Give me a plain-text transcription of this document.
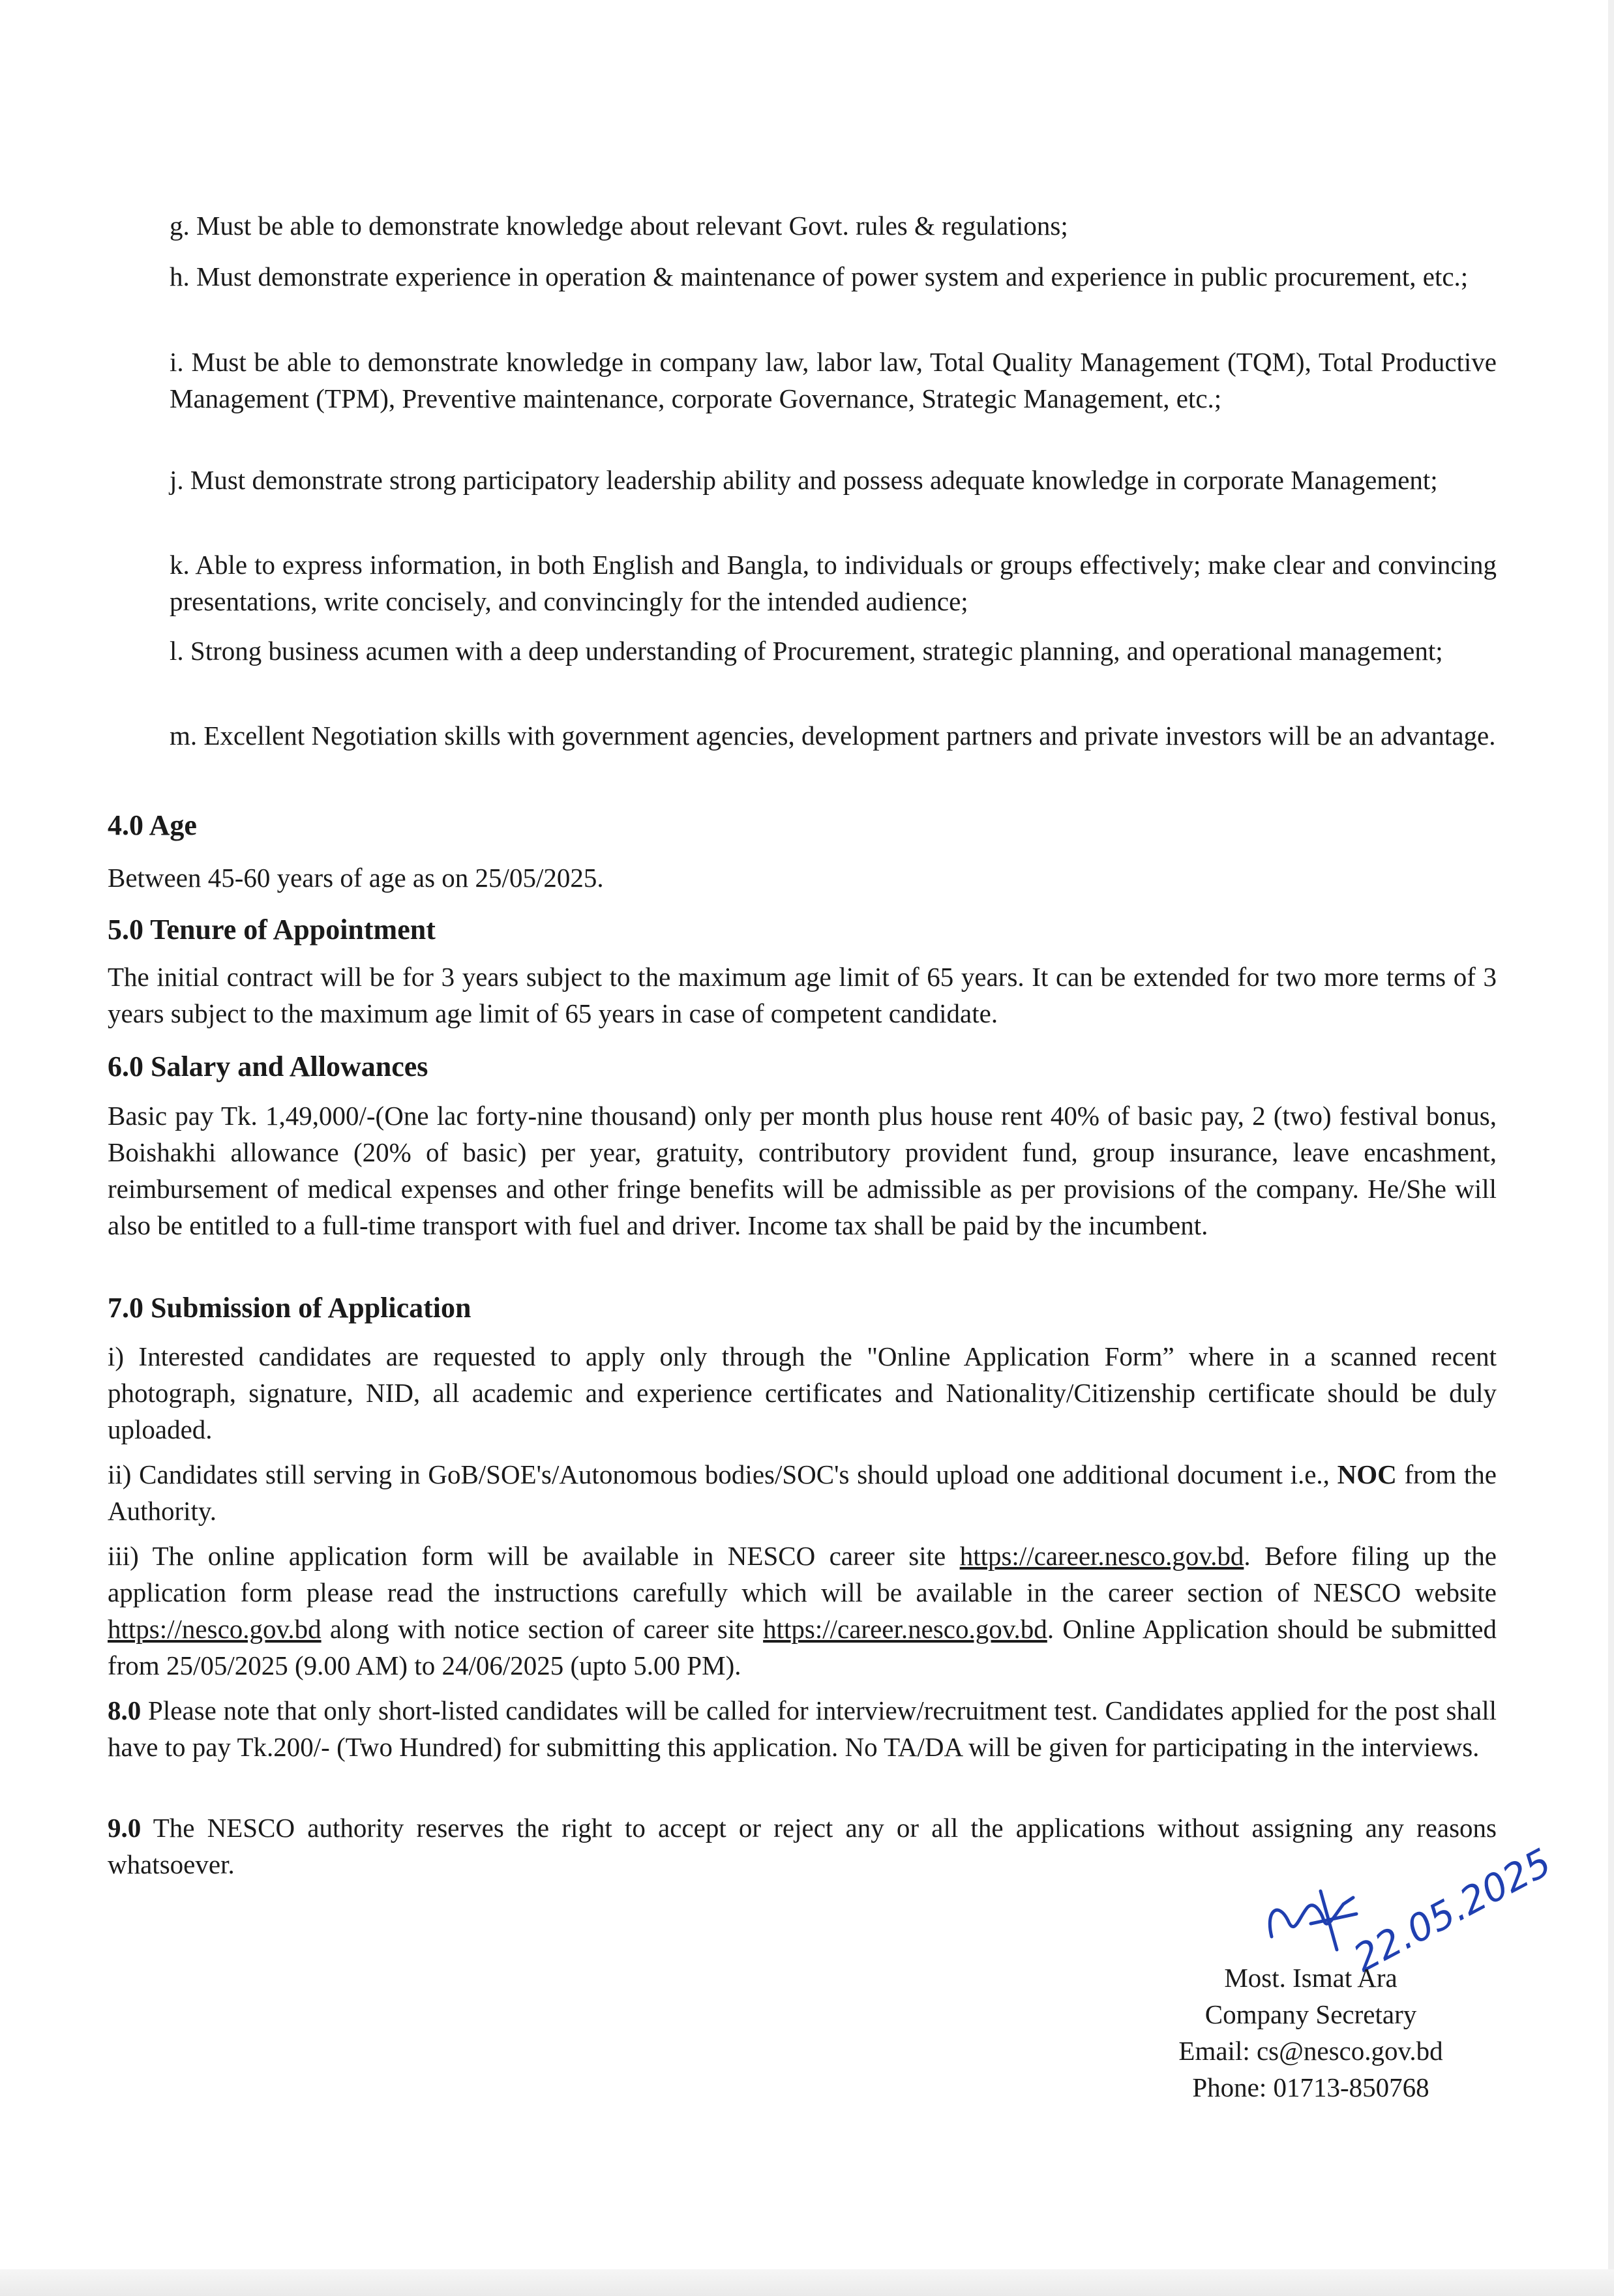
g. Must be able to demonstrate knowledge about relevant Govt. rules & regulations;

h. Must demonstrate experience in operation & maintenance of power system and experience in public procurement, etc.;

i. Must be able to demonstrate knowledge in company law, labor law, Total Quality Management (TQM), Total Productive Management (TPM), Preventive maintenance, corporate Governance, Strategic Management, etc.;

j. Must demonstrate strong participatory leadership ability and possess adequate knowledge in corporate Management;

k. Able to express information, in both English and Bangla, to individuals or groups effectively; make clear and convincing presentations, write concisely, and convincingly for the intended audience;

l. Strong business acumen with a deep understanding of Procurement, strategic planning, and operational management;

m. Excellent Negotiation skills with government agencies, development partners and private investors will be an advantage.

4.0 Age

Between 45-60 years of age as on 25/05/2025.

5.0 Tenure of Appointment

The initial contract will be for 3 years subject to the maximum age limit of 65 years. It can be extended for two more terms of 3 years subject to the maximum age limit of 65 years in case of competent candidate.

6.0 Salary and Allowances

Basic pay Tk. 1,49,000/-(One lac forty-nine thousand) only per month plus house rent 40% of basic pay, 2 (two) festival bonus, Boishakhi allowance (20% of basic) per year, gratuity, contributory provident fund, group insurance, leave encashment, reimbursement of medical expenses and other fringe benefits will be admissible as per provisions of the company. He/She will also be entitled to a full-time transport with fuel and driver. Income tax shall be paid by the incumbent.

7.0 Submission of Application

i) Interested candidates are requested to apply only through the "Online Application Form” where in a scanned recent photograph, signature, NID, all academic and experience certificates and Nationality/Citizenship certificate should be duly uploaded.

ii) Candidates still serving in GoB/SOE's/Autonomous bodies/SOC's should upload one additional document i.e., NOC from the Authority.

iii) The online application form will be available in NESCO career site https://career.nesco.gov.bd. Before filing up the application form please read the instructions carefully which will be available in the career section of NESCO website https://nesco.gov.bd along with notice section of career site https://career.nesco.gov.bd. Online Application should be submitted from 25/05/2025 (9.00 AM) to 24/06/2025 (upto 5.00 PM).

8.0 Please note that only short-listed candidates will be called for interview/recruitment test. Candidates applied for the post shall have to pay Tk.200/- (Two Hundred) for submitting this application. No TA/DA will be given for participating in the interviews.

9.0 The NESCO authority reserves the right to accept or reject any or all the applications without assigning any reasons whatsoever.	22.05.2025
Most. Ismat Ara
Company Secretary
Email: cs@nesco.gov.bd
Phone: 01713-850768
